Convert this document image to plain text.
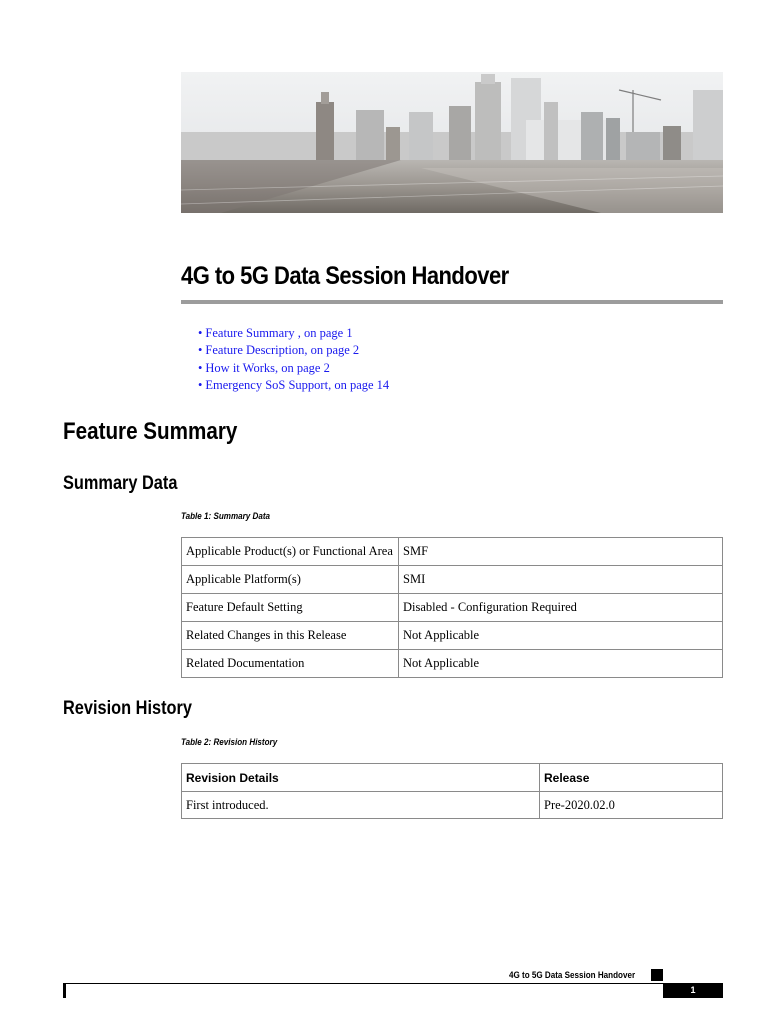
4G to 5G Data Session Handover
• Feature Summary , on page 1
• Feature Description, on page 2
• How it Works, on page 2
• Emergency SoS Support, on page 14
Feature Summary
Summary Data
Table 1: Summary Data
Applicable Product(s) or Functional Area	SMF
Applicable Platform(s)	SMI
Feature Default Setting	Disabled - Configuration Required
Related Changes in this Release	Not Applicable
Related Documentation	Not Applicable
Revision History
Table 2: Revision History
Revision Details	Release
First introduced.	Pre-2020.02.0
4G to 5G Data Session Handover
1
